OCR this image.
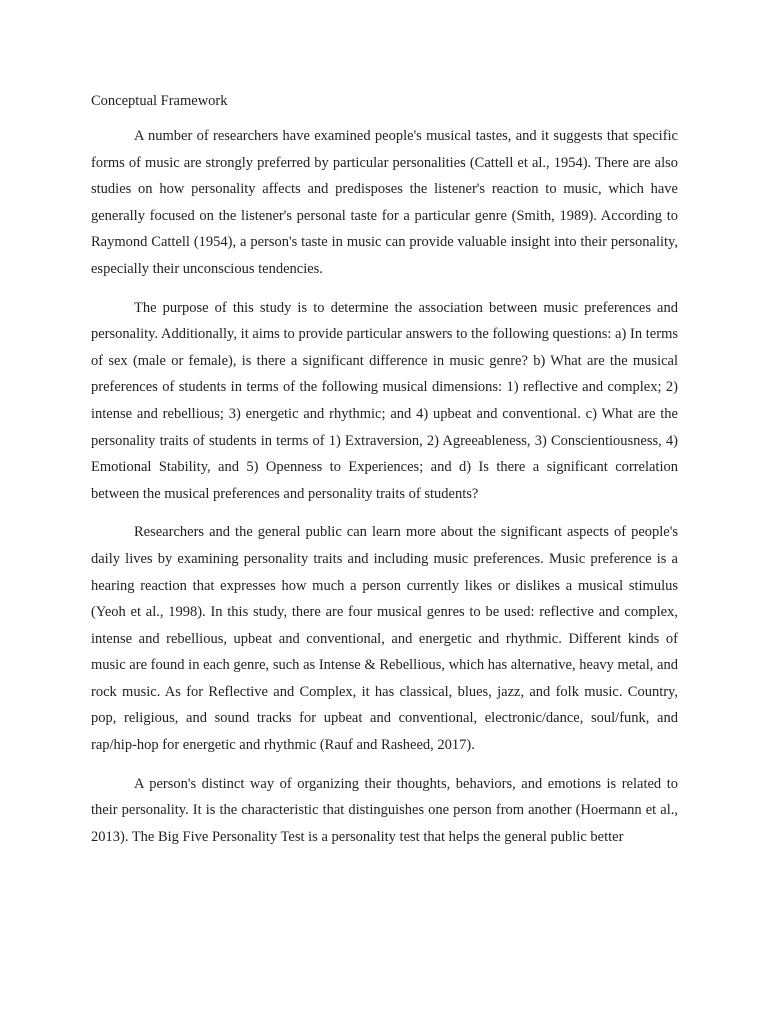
Conceptual Framework

A number of researchers have examined people's musical tastes, and it suggests that specific forms of music are strongly preferred by particular personalities (Cattell et al., 1954). There are also studies on how personality affects and predisposes the listener's reaction to music, which have generally focused on the listener's personal taste for a particular genre (Smith, 1989). According to Raymond Cattell (1954), a person's taste in music can provide valuable insight into their personality, especially their unconscious tendencies.

The purpose of this study is to determine the association between music preferences and personality. Additionally, it aims to provide particular answers to the following questions: a) In terms of sex (male or female), is there a significant difference in music genre? b) What are the musical preferences of students in terms of the following musical dimensions: 1) reflective and complex; 2) intense and rebellious; 3) energetic and rhythmic; and 4) upbeat and conventional. c) What are the personality traits of students in terms of 1) Extraversion, 2) Agreeableness, 3) Conscientiousness, 4) Emotional Stability, and 5) Openness to Experiences; and d) Is there a significant correlation between the musical preferences and personality traits of students?

Researchers and the general public can learn more about the significant aspects of people's daily lives by examining personality traits and including music preferences. Music preference is a hearing reaction that expresses how much a person currently likes or dislikes a musical stimulus (Yeoh et al., 1998). In this study, there are four musical genres to be used: reflective and complex, intense and rebellious, upbeat and conventional, and energetic and rhythmic. Different kinds of music are found in each genre, such as Intense & Rebellious, which has alternative, heavy metal, and rock music. As for Reflective and Complex, it has classical, blues, jazz, and folk music. Country, pop, religious, and sound tracks for upbeat and conventional, electronic/dance, soul/funk, and rap/hip-hop for energetic and rhythmic (Rauf and Rasheed, 2017).

A person's distinct way of organizing their thoughts, behaviors, and emotions is related to their personality. It is the characteristic that distinguishes one person from another (Hoermann et al., 2013). The Big Five Personality Test is a personality test that helps the general public better
